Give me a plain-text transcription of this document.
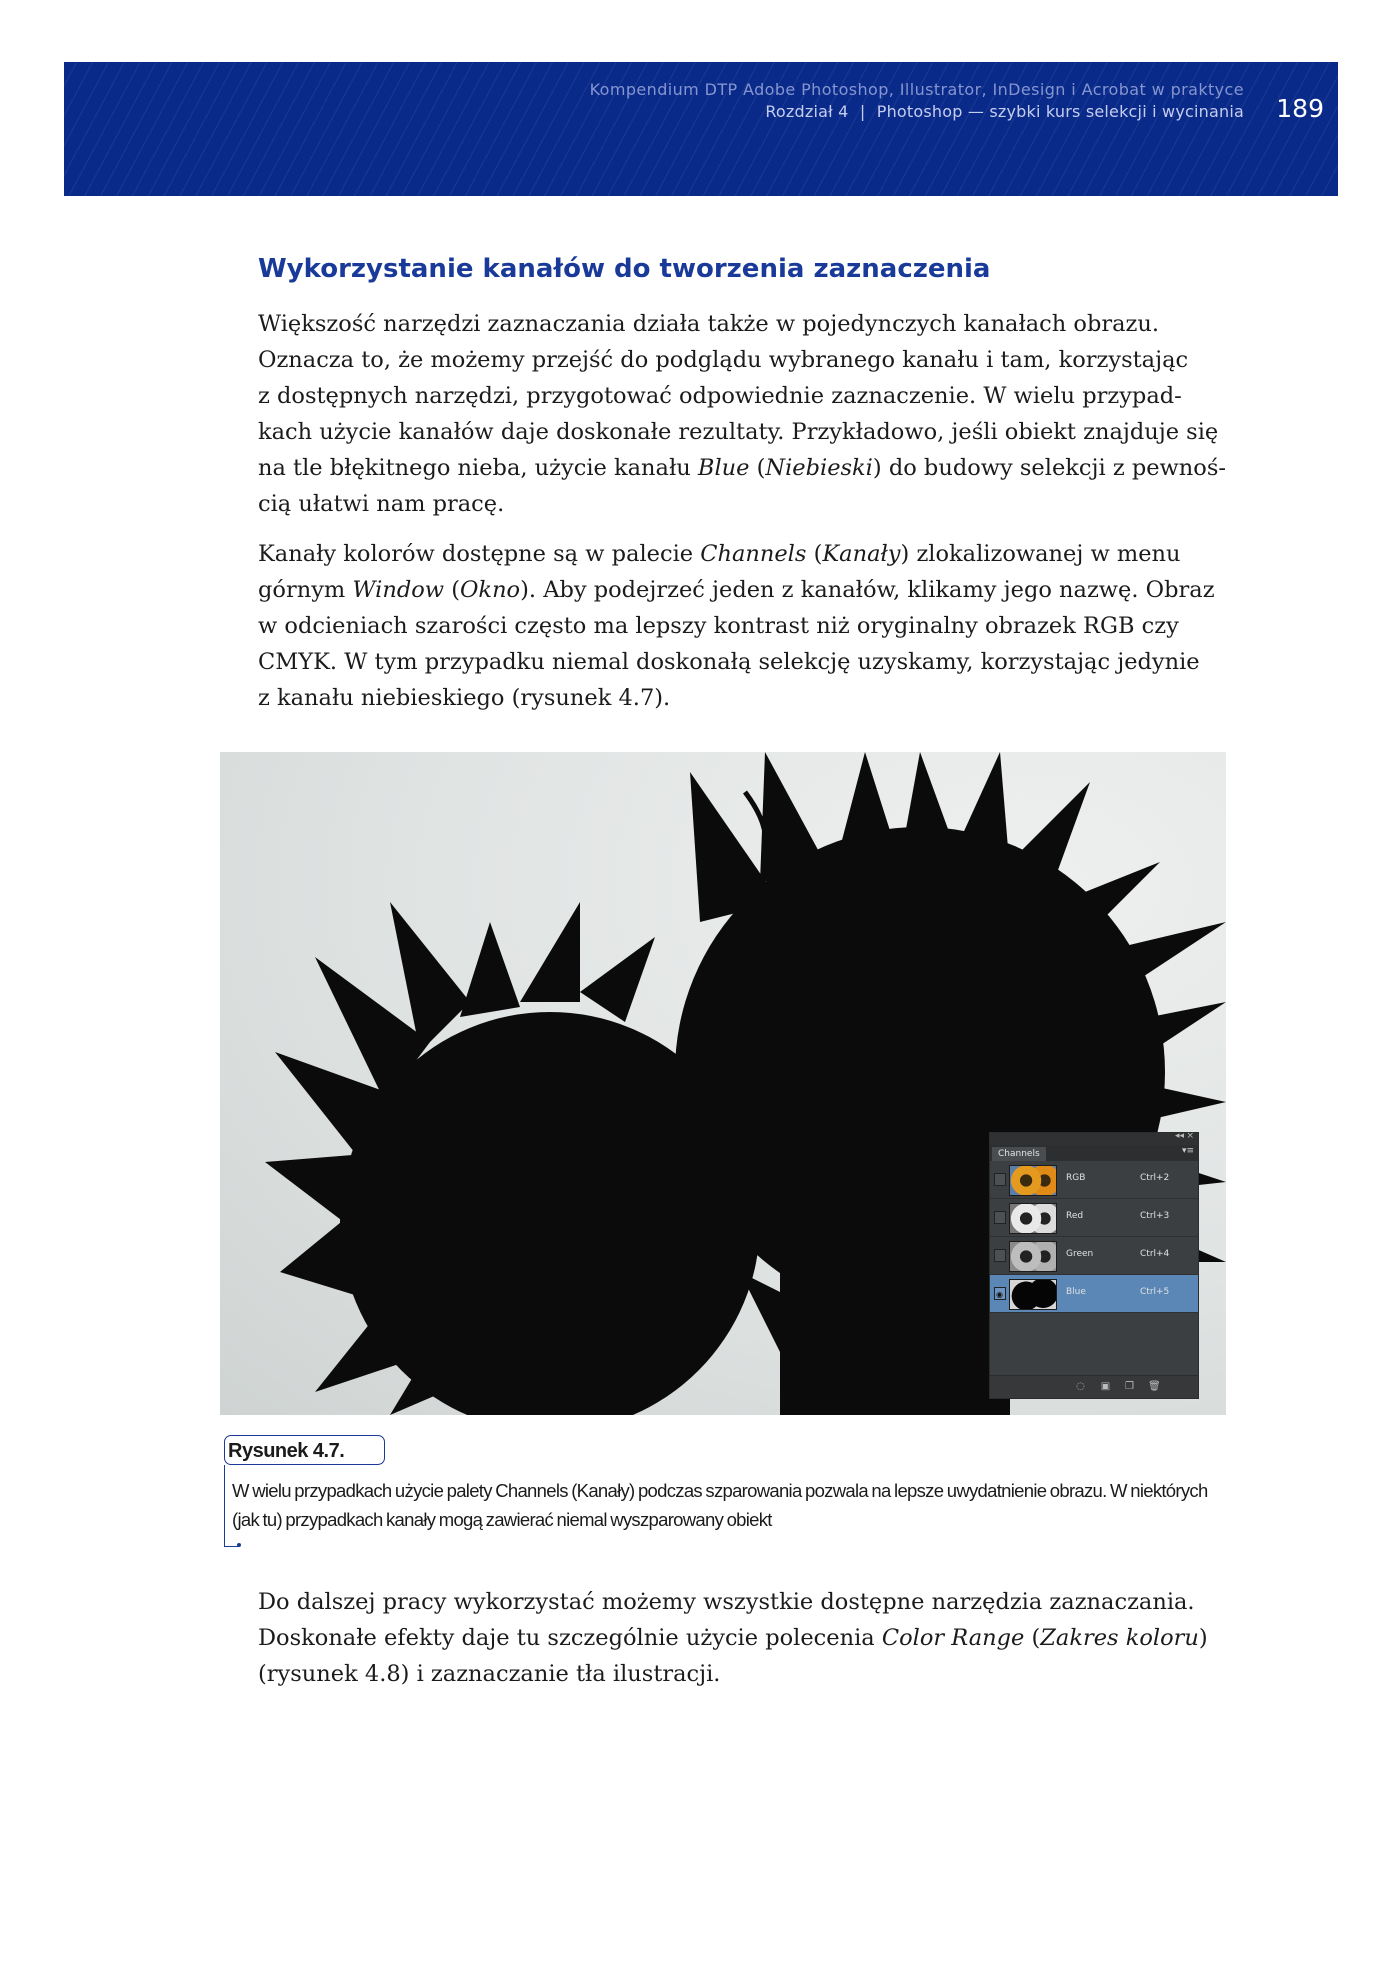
Kompendium DTP Adobe Photoshop, Illustrator, InDesign i Acrobat w praktyce
Rozdział 4 | Photoshop — szybki kurs selekcji i wycinania 189
Wykorzystanie kanałów do tworzenia zaznaczenia

Większość narzędzi zaznaczania działa także w pojedynczych kanałach obrazu.
Oznacza to, że możemy przejść do podglądu wybranego kanału i tam, korzystając
z dostępnych narzędzi, przygotować odpowiednie zaznaczenie. W wielu przypad-
kach użycie kanałów daje doskonałe rezultaty. Przykładowo, jeśli obiekt znajduje się
na tle błękitnego nieba, użycie kanału Blue (Niebieski) do budowy selekcji z pewnoś-
cią ułatwi nam pracę.

Kanały kolorów dostępne są w palecie Channels (Kanały) zlokalizowanej w menu
górnym Window (Okno). Aby podejrzeć jeden z kanałów, klikamy jego nazwę. Obraz
w odcieniach szarości często ma lepszy kontrast niż oryginalny obrazek RGB czy
CMYK. W tym przypadku niemal doskonałą selekcję uzyskamy, korzystając jedynie
z kanału niebieskiego (rysunek 4.7).

◂◂ ×
Channels	▾≡
RGB	Ctrl+2
Red	Ctrl+3
Green	Ctrl+4
◉	Blue	Ctrl+5
◌ ▣ ❐ 🗑
Rysunek 4.7.
W wielu przypadkach użycie palety Channels (Kanały) podczas szparowania pozwala na lepsze uwydatnienie obrazu. W niektórych
(jak tu) przypadkach kanały mogą zawierać niemal wyszparowany obiekt

Do dalszej pracy wykorzystać możemy wszystkie dostępne narzędzia zaznaczania.
Doskonałe efekty daje tu szczególnie użycie polecenia Color Range (Zakres koloru)
(rysunek 4.8) i zaznaczanie tła ilustracji.
